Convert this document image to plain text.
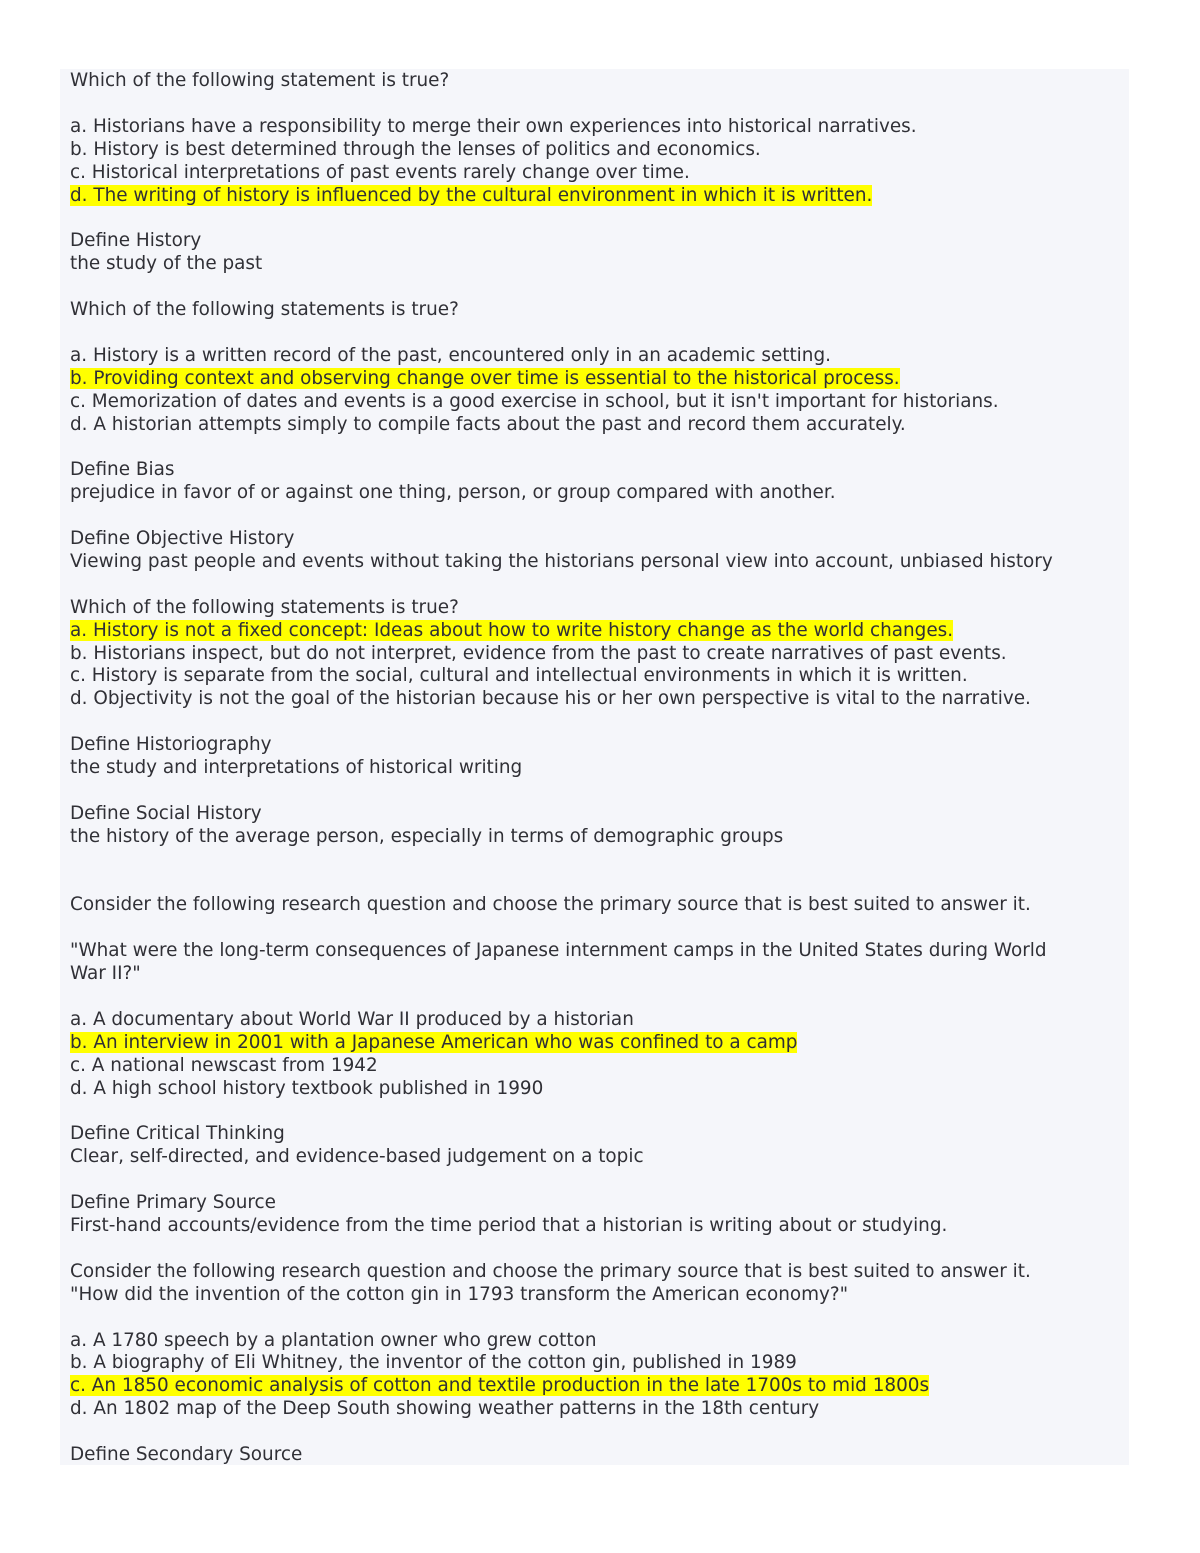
Which of the following statement is true?
a. Historians have a responsibility to merge their own experiences into historical narratives.
b. History is best determined through the lenses of politics and economics.
c. Historical interpretations of past events rarely change over time.
d. The writing of history is influenced by the cultural environment in which it is written.
Define History
the study of the past
Which of the following statements is true?
a. History is a written record of the past, encountered only in an academic setting.
b. Providing context and observing change over time is essential to the historical process.
c. Memorization of dates and events is a good exercise in school, but it isn't important for historians.
d. A historian attempts simply to compile facts about the past and record them accurately.
Define Bias
prejudice in favor of or against one thing, person, or group compared with another.
Define Objective History
Viewing past people and events without taking the historians personal view into account, unbiased history
Which of the following statements is true?
a. History is not a fixed concept: Ideas about how to write history change as the world changes.
b. Historians inspect, but do not interpret, evidence from the past to create narratives of past events.
c. History is separate from the social, cultural and intellectual environments in which it is written.
d. Objectivity is not the goal of the historian because his or her own perspective is vital to the narrative.
Define Historiography
the study and interpretations of historical writing
Define Social History
the history of the average person, especially in terms of demographic groups
Consider the following research question and choose the primary source that is best suited to answer it.
"What were the long-term consequences of Japanese internment camps in the United States during World
War II?"
a. A documentary about World War II produced by a historian
b. An interview in 2001 with a Japanese American who was confined to a camp
c. A national newscast from 1942
d. A high school history textbook published in 1990
Define Critical Thinking
Clear, self-directed, and evidence-based judgement on a topic
Define Primary Source
First-hand accounts/evidence from the time period that a historian is writing about or studying.
Consider the following research question and choose the primary source that is best suited to answer it.
"How did the invention of the cotton gin in 1793 transform the American economy?"
a. A 1780 speech by a plantation owner who grew cotton
b. A biography of Eli Whitney, the inventor of the cotton gin, published in 1989
c. An 1850 economic analysis of cotton and textile production in the late 1700s to mid 1800s
d. An 1802 map of the Deep South showing weather patterns in the 18th century
Define Secondary Source
